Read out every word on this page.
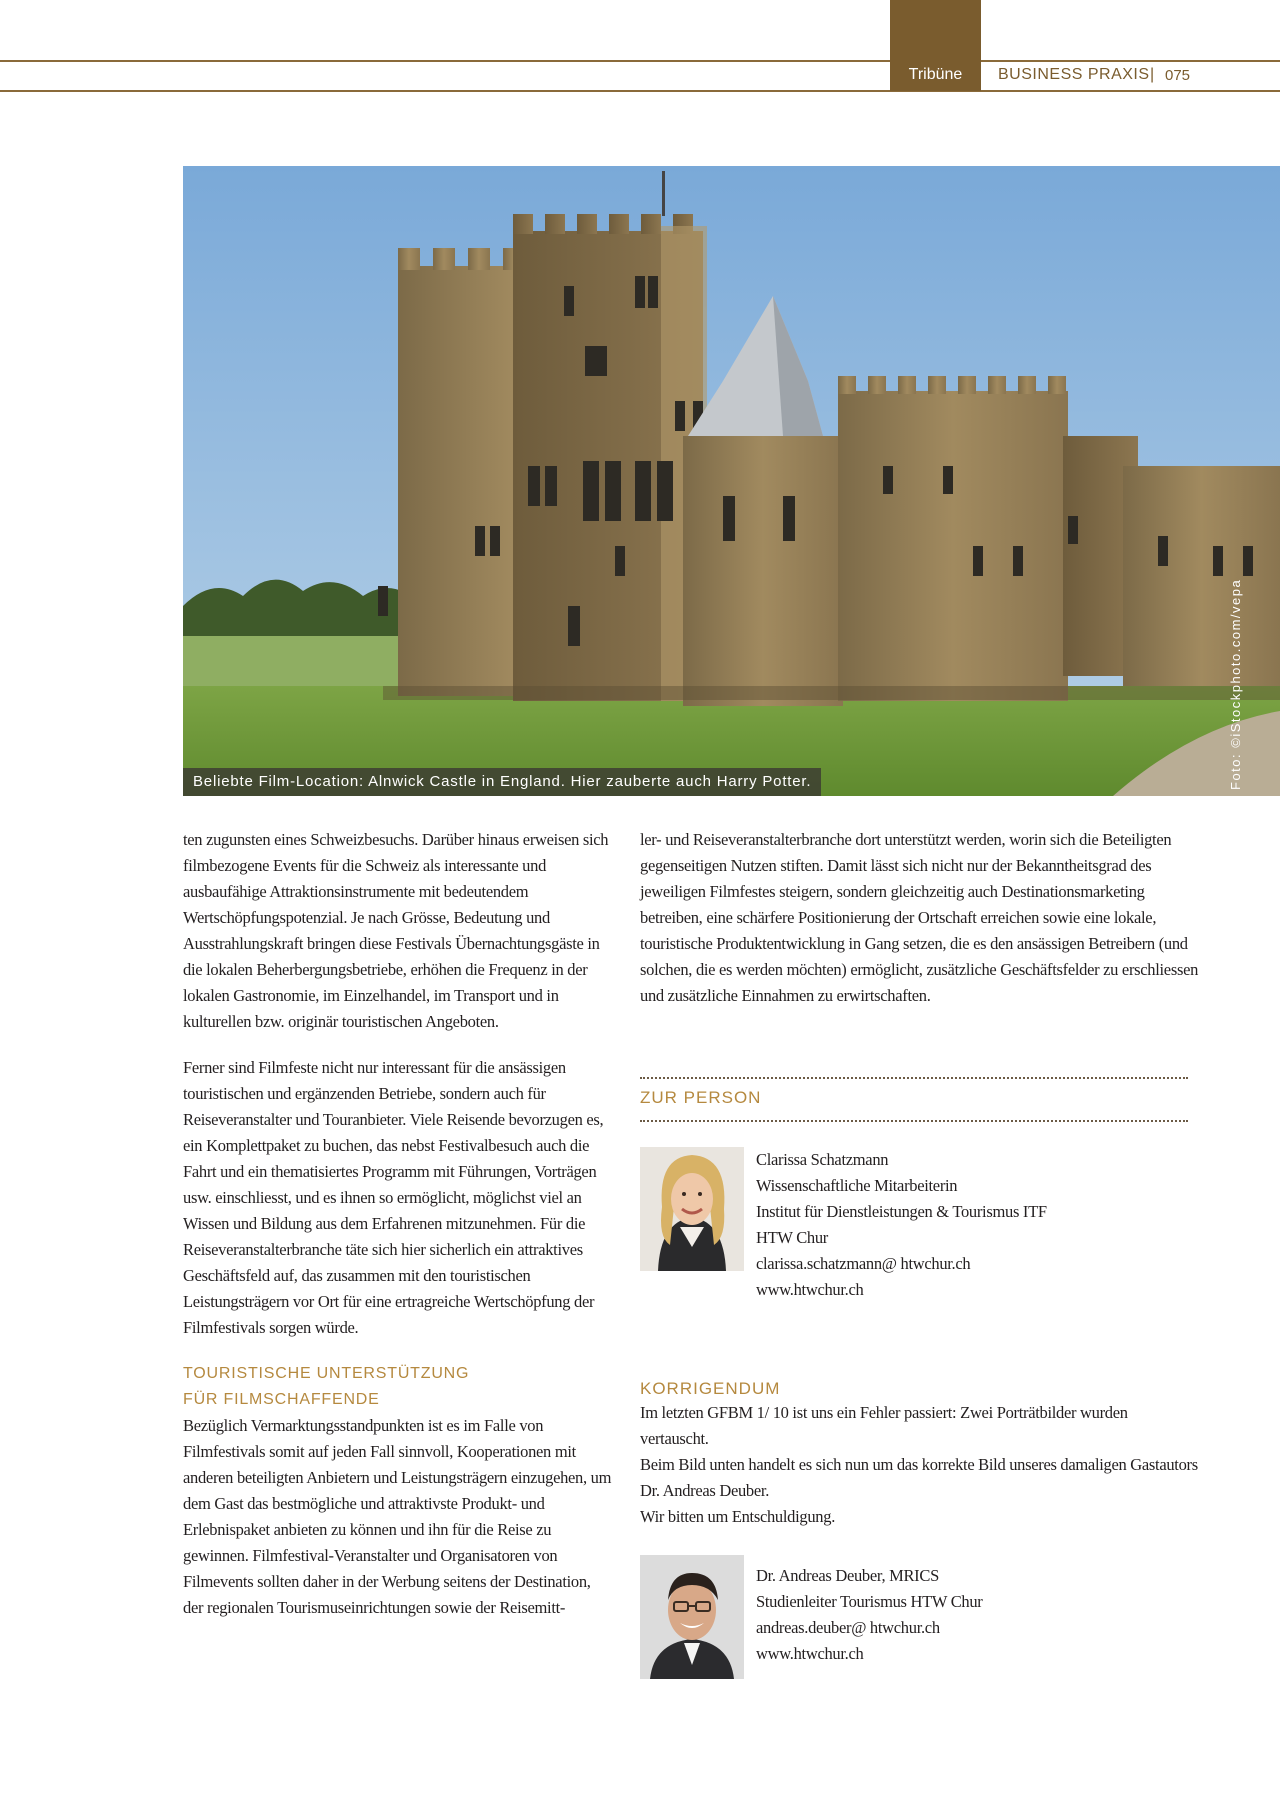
Tribüne	BUSINESS PRAXIS | 075
Beliebte Film-Location: Alnwick Castle in England. Hier zauberte auch Harry Potter.	Foto: ©iStockphoto.com/vepa

ten zugunsten eines Schweizbesuchs. Darüber hinaus erweisen sich filmbezogene Events für die Schweiz als interessante und ausbaufähige Attraktionsinstrumente mit bedeutendem Wertschöpfungspotenzial. Je nach Grösse, Bedeutung und Ausstrahlungskraft bringen diese Festivals Übernachtungsgäste in die lokalen Beherbergungsbetriebe, erhöhen die Frequenz in der lokalen Gastronomie, im Einzelhandel, im Transport und in kulturellen bzw. originär touristischen Angeboten.

Ferner sind Filmfeste nicht nur interessant für die ansässigen touristischen und ergänzenden Betriebe, sondern auch für Reiseveranstalter und Touranbieter. Viele Reisende bevorzugen es, ein Komplettpaket zu buchen, das nebst Festivalbesuch auch die Fahrt und ein thematisiertes Programm mit Führungen, Vorträgen usw. einschliesst, und es ihnen so ermöglicht, möglichst viel an Wissen und Bildung aus dem Erfahrenen mitzunehmen. Für die Reiseveranstalterbranche täte sich hier sicherlich ein attraktives Geschäftsfeld auf, das zusammen mit den touristischen Leistungsträgern vor Ort für eine ertragreiche Wertschöpfung der Filmfestivals sorgen würde.

TOURISTISCHE UNTERSTÜTZUNG
FÜR FILMSCHAFFENDE

Bezüglich Vermarktungsstandpunkten ist es im Falle von Filmfestivals somit auf jeden Fall sinnvoll, Kooperationen mit anderen beteiligten Anbietern und Leistungsträgern einzugehen, um dem Gast das bestmögliche und attraktivste Produkt- und Erlebnispaket anbieten zu können und ihn für die Reise zu gewinnen. Filmfestival-Veranstalter und Organisatoren von Filmevents sollten daher in der Werbung seitens der Destination, der regionalen Tourismuseinrichtungen sowie der Reisemitt-

ler- und Reiseveranstalterbranche dort unterstützt werden, worin sich die Beteiligten gegenseitigen Nutzen stiften. Damit lässt sich nicht nur der Bekanntheitsgrad des jeweiligen Filmfestes steigern, sondern gleichzeitig auch Destinationsmarketing betreiben, eine schärfere Positionierung der Ortschaft erreichen sowie eine lokale, touristische Produktentwicklung in Gang setzen, die es den ansässigen Betreibern (und solchen, die es werden möchten) ermöglicht, zusätzliche Geschäftsfelder zu erschliessen und zusätzliche Einnahmen zu erwirtschaften.

ZUR PERSON
Clarissa Schatzmann
Wissenschaftliche Mitarbeiterin
Institut für Dienstleistungen & Tourismus ITF
HTW Chur
clarissa.schatzmann@ htwchur.ch
www.htwchur.ch
KORRIGENDUM

Im letzten GFBM 1/ 10 ist uns ein Fehler passiert: Zwei Porträtbilder wurden vertauscht.

Beim Bild unten handelt es sich nun um das korrekte Bild unseres damaligen Gastautors Dr. Andreas Deuber.

Wir bitten um Entschuldigung.

Dr. Andreas Deuber, MRICS
Studienleiter Tourismus HTW Chur
andreas.deuber@ htwchur.ch
www.htwchur.ch
